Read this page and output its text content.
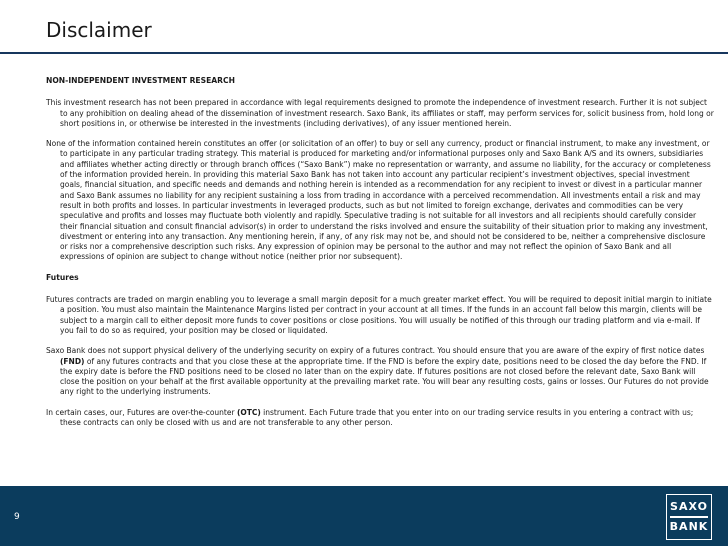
Disclaimer

NON-INDEPENDENT INVESTMENT RESEARCH

This investment research has not been prepared in accordance with legal requirements designed to promote the independence of investment research. Further it is not subject to any prohibition on dealing ahead of the dissemination of investment research. Saxo Bank, its affiliates or staff, may perform services for, solicit business from, hold long or short positions in, or otherwise be interested in the investments (including derivatives), of any issuer mentioned herein.

None of the information contained herein constitutes an offer (or solicitation of an offer) to buy or sell any currency, product or financial instrument, to make any investment, or to participate in any particular trading strategy. This material is produced for marketing and/or informational purposes only and Saxo Bank A/S and its owners, subsidiaries and affiliates whether acting directly or through branch offices (“Saxo Bank”) make no representation or warranty, and assume no liability, for the accuracy or completeness of the information provided herein. In providing this material Saxo Bank has not taken into account any particular recipient’s investment objectives, special investment goals, financial situation, and specific needs and demands and nothing herein is intended as a recommendation for any recipient to invest or divest in a particular manner and Saxo Bank assumes no liability for any recipient sustaining a loss from trading in accordance with a perceived recommendation. All investments entail a risk and may result in both profits and losses. In particular investments in leveraged products, such as but not limited to foreign exchange, derivates and commodities can be very speculative and profits and losses may fluctuate both violently and rapidly. Speculative trading is not suitable for all investors and all recipients should carefully consider their financial situation and consult financial advisor(s) in order to understand the risks involved and ensure the suitability of their situation prior to making any investment, divestment or entering into any transaction. Any mentioning herein, if any, of any risk may not be, and should not be considered to be, neither a comprehensive disclosure or risks nor a comprehensive description such risks. Any expression of opinion may be personal to the author and may not reflect the opinion of Saxo Bank and all expressions of opinion are subject to change without notice (neither prior nor subsequent).

Futures

Futures contracts are traded on margin enabling you to leverage a small margin deposit for a much greater market effect. You will be required to deposit initial margin to initiate a position. You must also maintain the Maintenance Margins listed per contract in your account at all times. If the funds in an account fall below this margin, clients will be subject to a margin call to either deposit more funds to cover positions or close positions. You will usually be notified of this through our trading platform and via e-mail. If you fail to do so as required, your position may be closed or liquidated.

Saxo Bank does not support physical delivery of the underlying security on expiry of a futures contract. You should ensure that you are aware of the expiry of first notice dates (FND) of any futures contracts and that you close these at the appropriate time. If the FND is before the expiry date, positions need to be closed the day before the FND. If the expiry date is before the FND positions need to be closed no later than on the expiry date. If futures positions are not closed before the relevant date, Saxo Bank will close the position on your behalf at the first available opportunity at the prevailing market rate. You will bear any resulting costs, gains or losses. Our Futures do not provide any right to the underlying instruments.

In certain cases, our, Futures are over-the-counter (OTC) instrument. Each Future trade that you enter into on our trading service results in you entering a contract with us; these contracts can only be closed with us and are not transferable to any other person.

9
SAXO
BANK
